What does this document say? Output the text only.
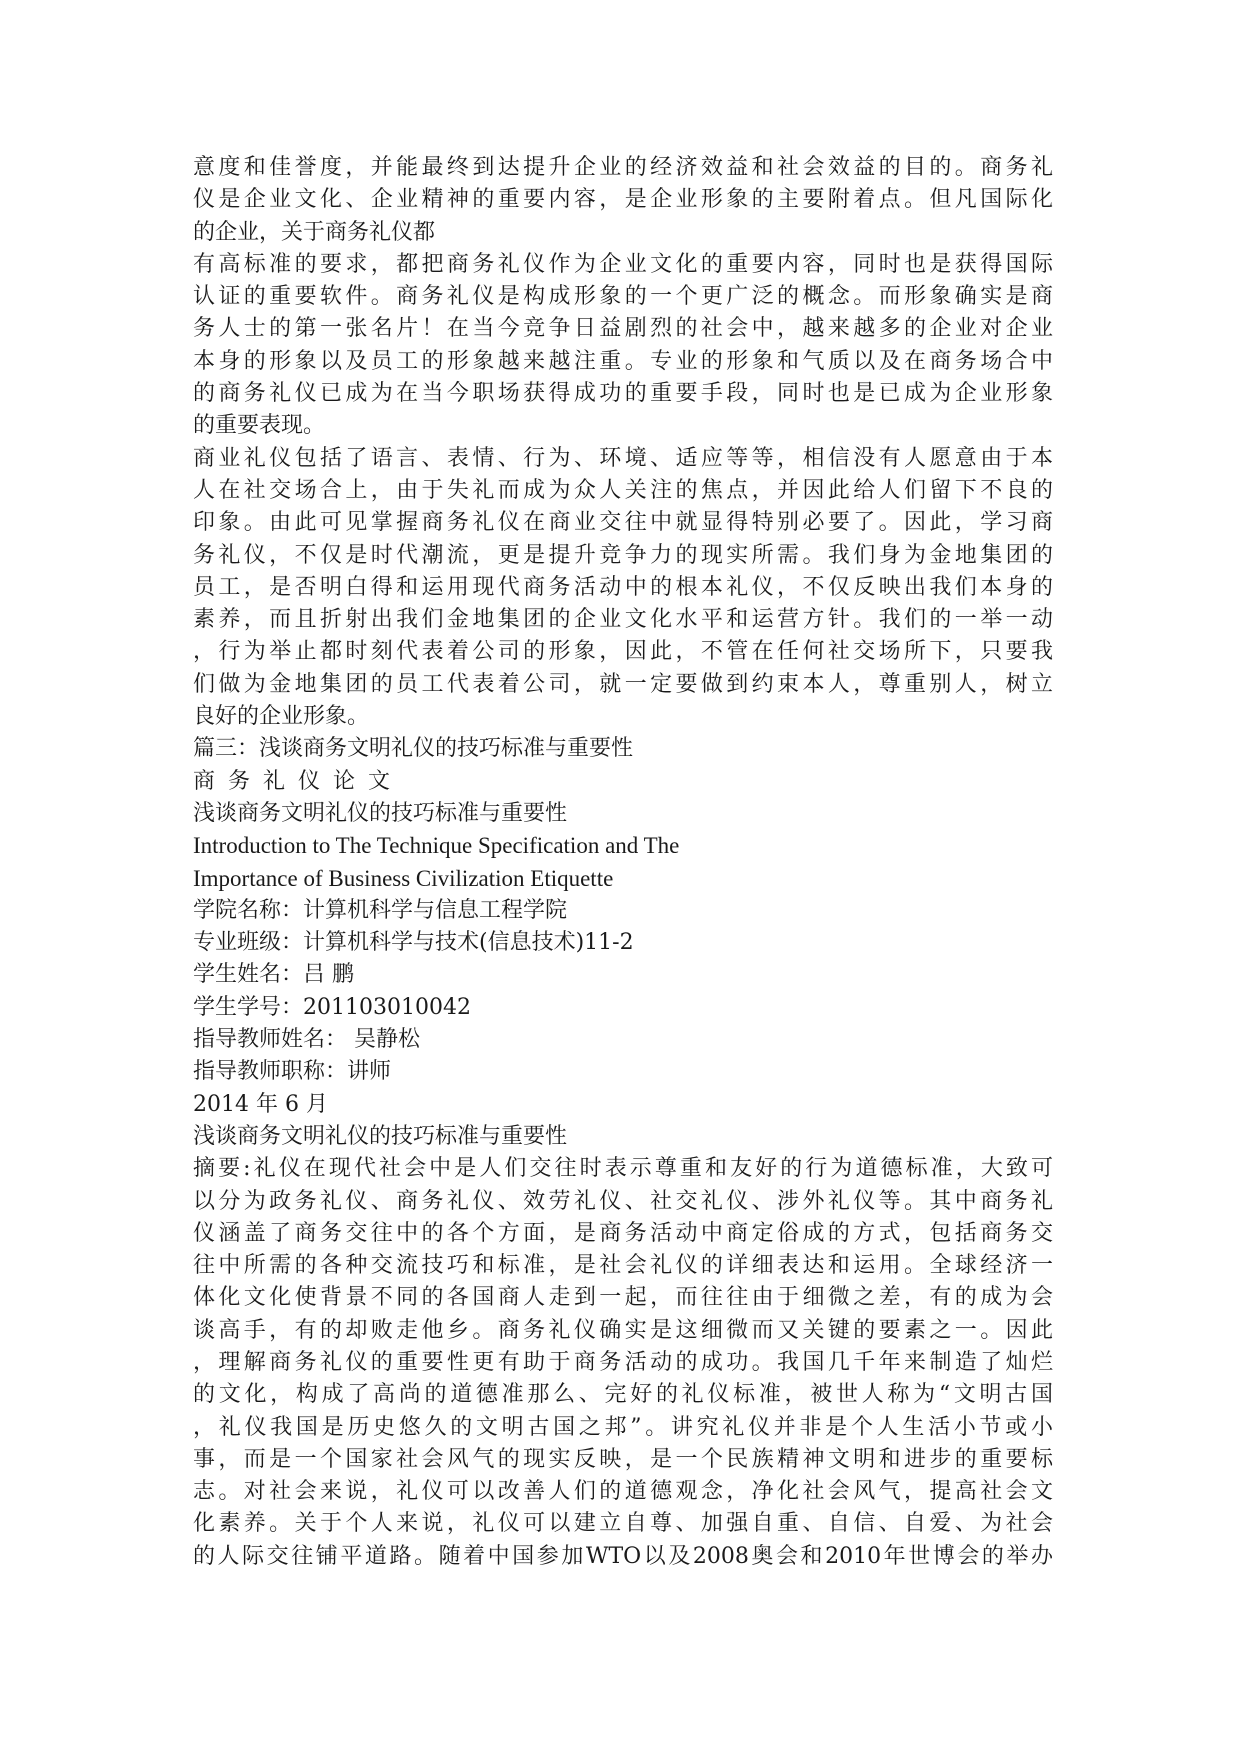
意度和佳誉度，并能最终到达提升企业的经济效益和社会效益的目的。商务礼
仪是企业文化、企业精神的重要内容，是企业形象的主要附着点。但凡国际化
的企业，关于商务礼仪都
有高标准的要求，都把商务礼仪作为企业文化的重要内容，同时也是获得国际
认证的重要软件。商务礼仪是构成形象的一个更广泛的概念。而形象确实是商
务人士的第一张名片！在当今竞争日益剧烈的社会中，越来越多的企业对企业
本身的形象以及员工的形象越来越注重。专业的形象和气质以及在商务场合中
的商务礼仪已成为在当今职场获得成功的重要手段，同时也是已成为企业形象
的重要表现。
商业礼仪包括了语言、表情、行为、环境、适应等等，相信没有人愿意由于本
人在社交场合上，由于失礼而成为众人关注的焦点，并因此给人们留下不良的
印象。由此可见掌握商务礼仪在商业交往中就显得特别必要了。因此，学习商
务礼仪，不仅是时代潮流，更是提升竞争力的现实所需。我们身为金地集团的
员工，是否明白得和运用现代商务活动中的根本礼仪，不仅反映出我们本身的
素养，而且折射出我们金地集团的企业文化水平和运营方针。我们的一举一动
，行为举止都时刻代表着公司的形象，因此，不管在任何社交场所下，只要我
们做为金地集团的员工代表着公司，就一定要做到约束本人，尊重别人，树立
良好的企业形象。
篇三：浅谈商务文明礼仪的技巧标准与重要性
商务礼仪论文
浅谈商务文明礼仪的技巧标准与重要性
Introduction to The Technique Specification and The
Importance of Business Civilization Etiquette
学院名称：计算机科学与信息工程学院
专业班级：计算机科学与技术(信息技术)11-2
学生姓名：吕 鹏
学生学号：201103010042
指导教师姓名： 吴静松
指导教师职称：讲师
2014 年 6 月
浅谈商务文明礼仪的技巧标准与重要性
摘要:礼仪在现代社会中是人们交往时表示尊重和友好的行为道德标准，大致可
以分为政务礼仪、商务礼仪、效劳礼仪、社交礼仪、涉外礼仪等。其中商务礼
仪涵盖了商务交往中的各个方面，是商务活动中商定俗成的方式，包括商务交
往中所需的各种交流技巧和标准，是社会礼仪的详细表达和运用。全球经济一
体化文化使背景不同的各国商人走到一起，而往往由于细微之差，有的成为会
谈高手，有的却败走他乡。商务礼仪确实是这细微而又关键的要素之一。因此
，理解商务礼仪的重要性更有助于商务活动的成功。我国几千年来制造了灿烂
的文化，构成了高尚的道德准那么、完好的礼仪标准，被世人称为“文明古国
，礼仪我国是历史悠久的文明古国之邦”。讲究礼仪并非是个人生活小节或小
事，而是一个国家社会风气的现实反映，是一个民族精神文明和进步的重要标
志。对社会来说，礼仪可以改善人们的道德观念，净化社会风气，提高社会文
化素养。关于个人来说，礼仪可以建立自尊、加强自重、自信、自爱、为社会
的人际交往铺平道路。随着中国参加WTO以及2008奥会和2010年世博会的举办
